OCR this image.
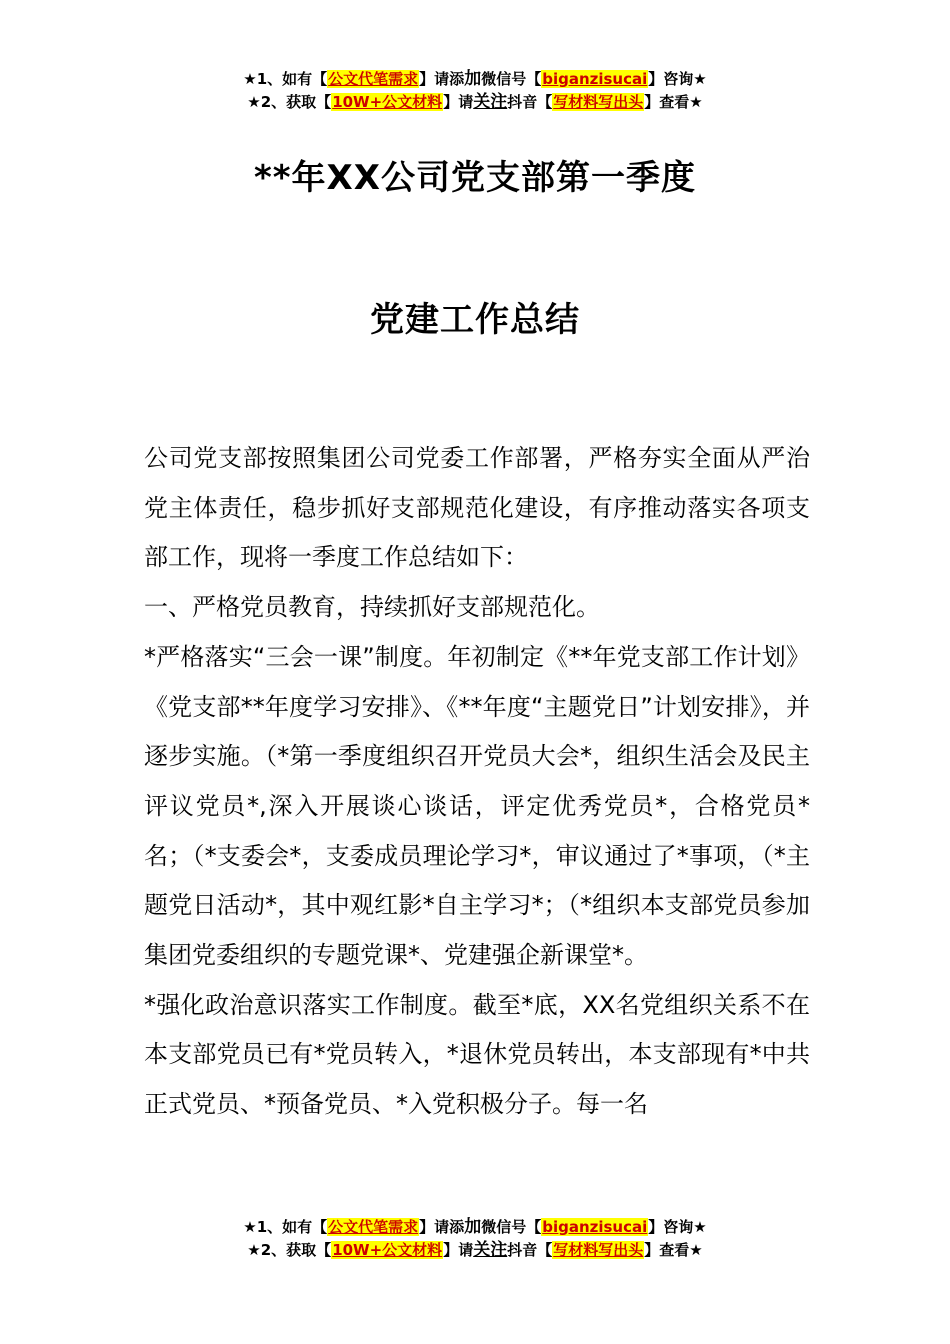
★1、如有【公文代笔需求】请添加微信号【biganzisucai】咨询★
★2、获取【10W+公文材料】请关注抖音【写材料写出头】查看★
**年XX公司党支部第一季度
党建工作总结

公司党支部按照集团公司党委工作部署，严格夯实全面从严治党主体责任，稳步抓好支部规范化建设，有序推动落实各项支部工作，现将一季度工作总结如下：

一、严格党员教育，持续抓好支部规范化。

*严格落实“三会一课”制度。年初制定《**年党支部工作计划》《党支部**年度学习安排》、《**年度“主题党日”计划安排》，并逐步实施。（*第一季度组织召开党员大会*，组织生活会及民主评议党员*,深入开展谈心谈话，评定优秀党员*，合格党员*名；（*支委会*，支委成员理论学习*，审议通过了*事项，（*主题党日活动*，其中观红影*自主学习*；（*组织本支部党员参加集团党委组织的专题党课*、党建强企新课堂*。

*强化政治意识落实工作制度。截至*底，XX名党组织关系不在本支部党员已有*党员转入，*退休党员转出，本支部现有*中共正式党员、*预备党员、*入党积极分子。每一名

★1、如有【公文代笔需求】请添加微信号【biganzisucai】咨询★
★2、获取【10W+公文材料】请关注抖音【写材料写出头】查看★
